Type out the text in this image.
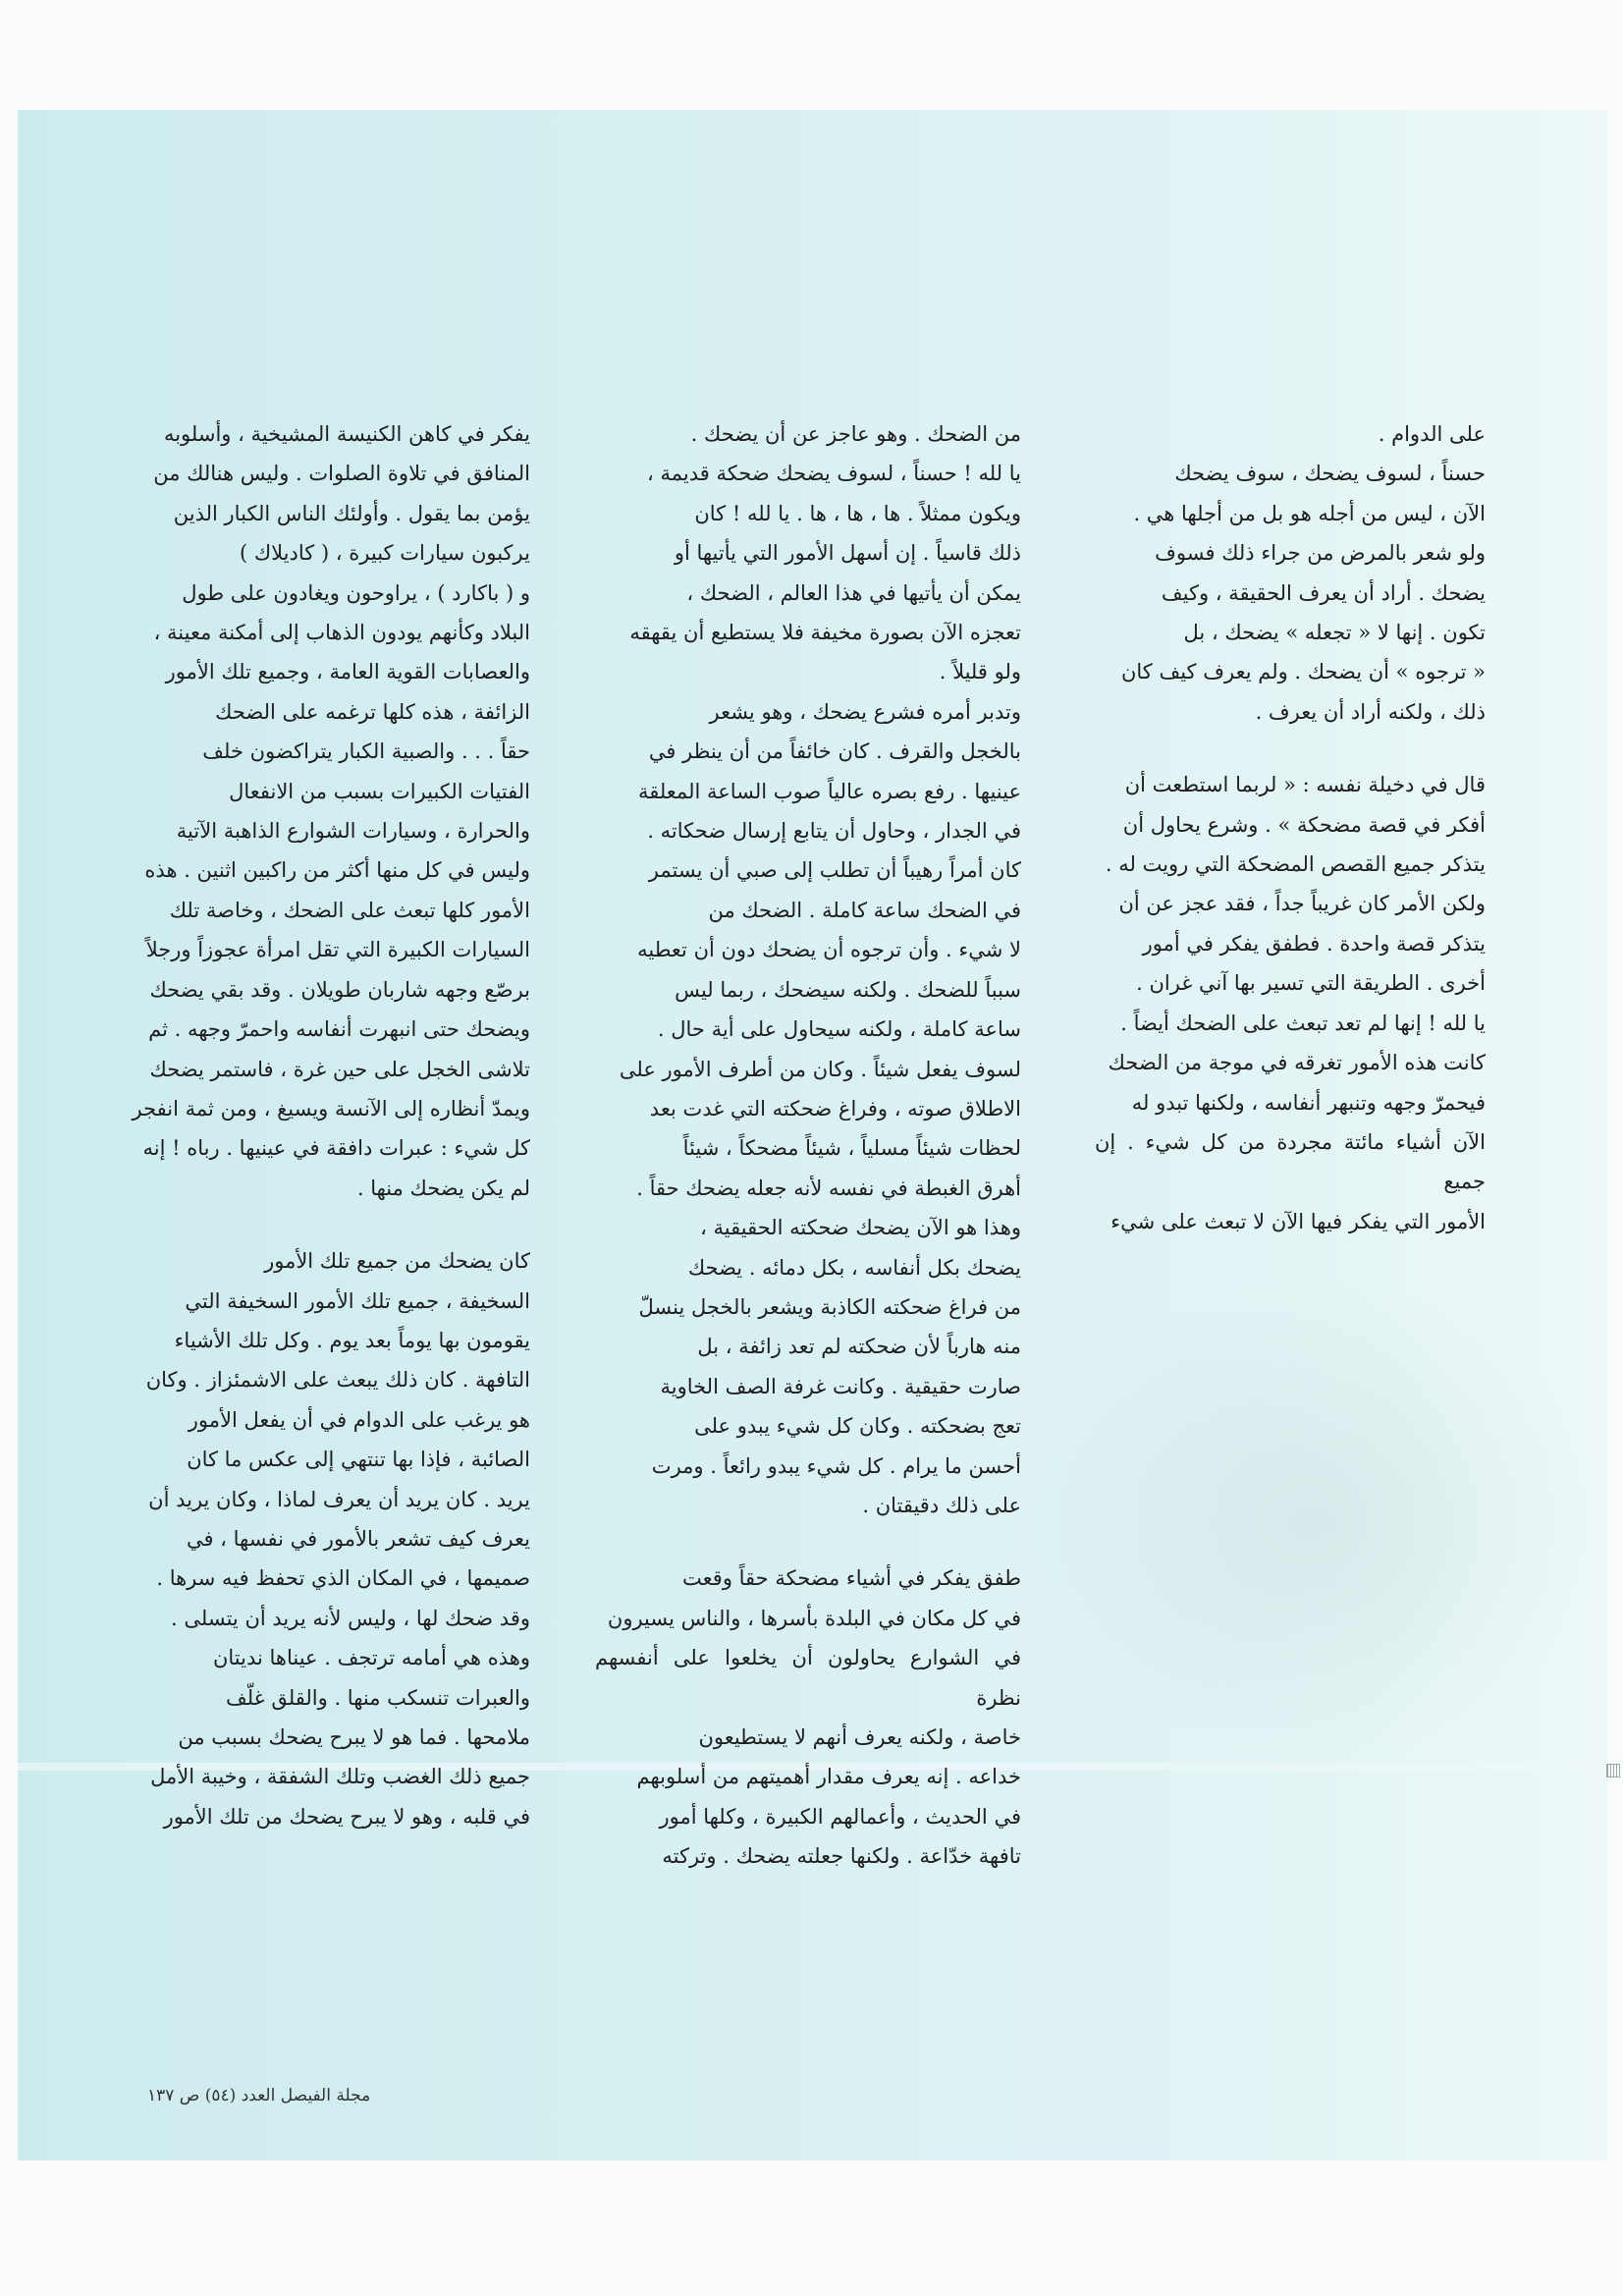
على الدوام .
حسناً ، لسوف يضحك ، سوف يضحك
الآن ، ليس من أجله هو بل من أجلها هي .
ولو شعر بالمرض من جراء ذلك فسوف
يضحك . أراد أن يعرف الحقيقة ، وكيف
تكون . إنها لا « تجعله » يضحك ، بل
« ترجوه » أن يضحك . ولم يعرف كيف كان
ذلك ، ولكنه أراد أن يعرف .

قال في دخيلة نفسه : « لربما استطعت أن
أفكر في قصة مضحكة » . وشرع يحاول أن
يتذكر جميع القصص المضحكة التي رويت له .
ولكن الأمر كان غريباً جداً ، فقد عجز عن أن
يتذكر قصة واحدة . فطفق يفكر في أمور
أخرى . الطريقة التي تسير بها آني غران .
يا لله ! إنها لم تعد تبعث على الضحك أيضاً .
كانت هذه الأمور تغرقه في موجة من الضحك
فيحمرّ وجهه وتنبهر أنفاسه ، ولكنها تبدو له
الآن أشياء مائتة مجردة من كل شيء . إن جميع
الأمور التي يفكر فيها الآن لا تبعث على شيء

من الضحك . وهو عاجز عن أن يضحك .
يا لله ! حسناً ، لسوف يضحك ضحكة قديمة ،
ويكون ممثلاً . ها ، ها ، ها . يا لله ! كان
ذلك قاسياً . إن أسهل الأمور التي يأتيها أو
يمكن أن يأتيها في هذا العالم ، الضحك ،
تعجزه الآن بصورة مخيفة فلا يستطيع أن يقهقه
ولو قليلاً .

وتدبر أمره فشرع يضحك ، وهو يشعر
بالخجل والقرف . كان خائفاً من أن ينظر في
عينيها . رفع بصره عالياً صوب الساعة المعلقة
في الجدار ، وحاول أن يتابع إرسال ضحكاته .
كان أمراً رهيباً أن تطلب إلى صبي أن يستمر
في الضحك ساعة كاملة . الضحك من
لا شيء . وأن ترجوه أن يضحك دون أن تعطيه
سبباً للضحك . ولكنه سيضحك ، ربما ليس
ساعة كاملة ، ولكنه سيحاول على أية حال .
لسوف يفعل شيئاً . وكان من أطرف الأمور على
الاطلاق صوته ، وفراغ ضحكته التي غدت بعد
لحظات شيئاً مسلياً ، شيئاً مضحكاً ، شيئاً
أهرق الغبطة في نفسه لأنه جعله يضحك حقاً .
وهذا هو الآن يضحك ضحكته الحقيقية ،
يضحك بكل أنفاسه ، بكل دمائه . يضحك
من فراغ ضحكته الكاذبة ويشعر بالخجل ينسلّ
منه هارباً لأن ضحكته لم تعد زائفة ، بل
صارت حقيقية . وكانت غرفة الصف الخاوية
تعج بضحكته . وكان كل شيء يبدو على
أحسن ما يرام . كل شيء يبدو رائعاً . ومرت
على ذلك دقيقتان .

طفق يفكر في أشياء مضحكة حقاً وقعت
في كل مكان في البلدة بأسرها ، والناس يسيرون
في الشوارع يحاولون أن يخلعوا على أنفسهم نظرة
خاصة ، ولكنه يعرف أنهم لا يستطيعون
خداعه . إنه يعرف مقدار أهميتهم من أسلوبهم
في الحديث ، وأعمالهم الكبيرة ، وكلها أمور
تافهة خدّاعة . ولكنها جعلته يضحك . وتركته

يفكر في كاهن الكنيسة المشيخية ، وأسلوبه
المنافق في تلاوة الصلوات . وليس هنالك من
يؤمن بما يقول . وأولئك الناس الكبار الذين
يركبون سيارات كبيرة ، ( كاديلاك )
و ( باكارد ) ، يراوحون ويغادون على طول
البلاد وكأنهم يودون الذهاب إلى أمكنة معينة ،
والعصابات القوية العامة ، وجميع تلك الأمور
الزائفة ، هذه كلها ترغمه على الضحك
حقاً . . . والصبية الكبار يتراكضون خلف
الفتيات الكبيرات بسبب من الانفعال
والحرارة ، وسيارات الشوارع الذاهبة الآتية
وليس في كل منها أكثر من راكبين اثنين . هذه
الأمور كلها تبعث على الضحك ، وخاصة تلك
السيارات الكبيرة التي تقل امرأة عجوزاً ورجلاً
برصّع وجهه شاربان طويلان . وقد بقي يضحك
ويضحك حتى انبهرت أنفاسه واحمرّ وجهه . ثم
تلاشى الخجل على حين غرة ، فاستمر يضحك
ويمدّ أنظاره إلى الآنسة ويسيغ ، ومن ثمة انفجر
كل شيء : عبرات دافقة في عينيها . رباه ! إنه
لم يكن يضحك منها .

كان يضحك من جميع تلك الأمور
السخيفة ، جميع تلك الأمور السخيفة التي
يقومون بها يوماً بعد يوم . وكل تلك الأشياء
التافهة . كان ذلك يبعث على الاشمئزاز . وكان
هو يرغب على الدوام في أن يفعل الأمور
الصائبة ، فإذا بها تنتهي إلى عكس ما كان
يريد . كان يريد أن يعرف لماذا ، وكان يريد أن
يعرف كيف تشعر بالأمور في نفسها ، في
صميمها ، في المكان الذي تحفظ فيه سرها .
وقد ضحك لها ، وليس لأنه يريد أن يتسلى .
وهذه هي أمامه ترتجف . عيناها نديتان
والعبرات تنسكب منها . والقلق غلّف
ملامحها . فما هو لا يبرح يضحك بسبب من
جميع ذلك الغضب وتلك الشفقة ، وخيبة الأمل
في قلبه ، وهو لا يبرح يضحك من تلك الأمور

مجلة الفيصل العدد (٥٤) ص ١٣٧
